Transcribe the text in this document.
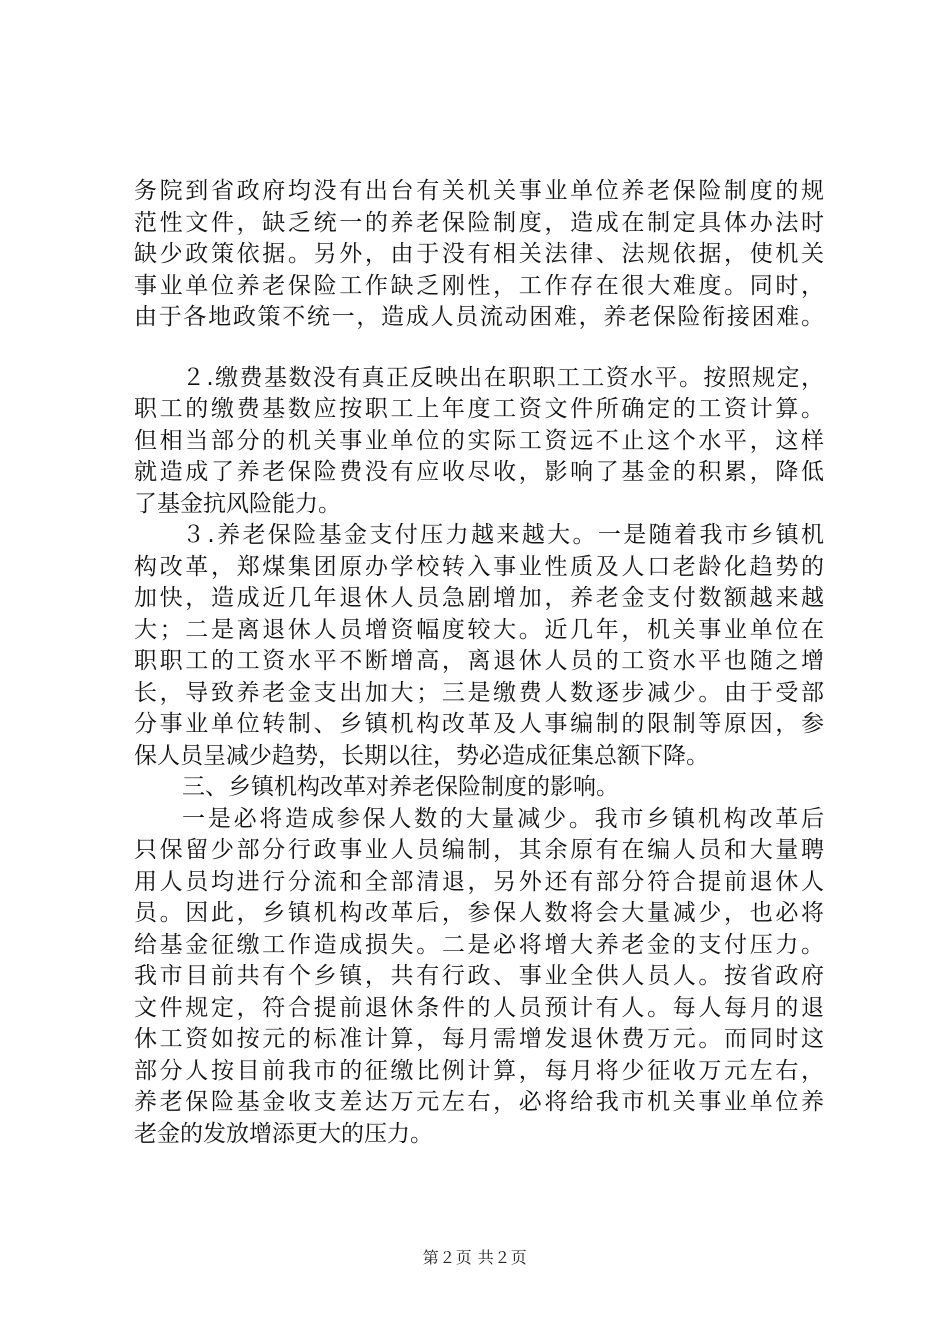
务院到省政府均没有出台有关机关事业单位养老保险制度的规
范性文件，缺乏统一的养老保险制度，造成在制定具体办法时
缺少政策依据。另外，由于没有相关法律、法规依据，使机关
事业单位养老保险工作缺乏刚性，工作存在很大难度。同时，
由于各地政策不统一，造成人员流动困难，养老保险衔接困难。
２.缴费基数没有真正反映出在职职工工资水平。按照规定，
职工的缴费基数应按职工上年度工资文件所确定的工资计算。
但相当部分的机关事业单位的实际工资远不止这个水平，这样
就造成了养老保险费没有应收尽收，影响了基金的积累，降低
了基金抗风险能力。
３.养老保险基金支付压力越来越大。一是随着我市乡镇机
构改革，郑煤集团原办学校转入事业性质及人口老龄化趋势的
加快，造成近几年退休人员急剧增加，养老金支付数额越来越
大；二是离退休人员增资幅度较大。近几年，机关事业单位在
职职工的工资水平不断增高，离退休人员的工资水平也随之增
长，导致养老金支出加大；三是缴费人数逐步减少。由于受部
分事业单位转制、乡镇机构改革及人事编制的限制等原因，参
保人员呈减少趋势，长期以往，势必造成征集总额下降。
三、乡镇机构改革对养老保险制度的影响。
一是必将造成参保人数的大量减少。我市乡镇机构改革后
只保留少部分行政事业人员编制，其余原有在编人员和大量聘
用人员均进行分流和全部清退，另外还有部分符合提前退休人
员。因此，乡镇机构改革后，参保人数将会大量减少，也必将
给基金征缴工作造成损失。二是必将增大养老金的支付压力。
我市目前共有个乡镇，共有行政、事业全供人员人。按省政府
文件规定，符合提前退休条件的人员预计有人。每人每月的退
休工资如按元的标准计算，每月需增发退休费万元。而同时这
部分人按目前我市的征缴比例计算，每月将少征收万元左右，
养老保险基金收支差达万元左右，必将给我市机关事业单位养
老金的发放增添更大的压力。
第２页 共２页
